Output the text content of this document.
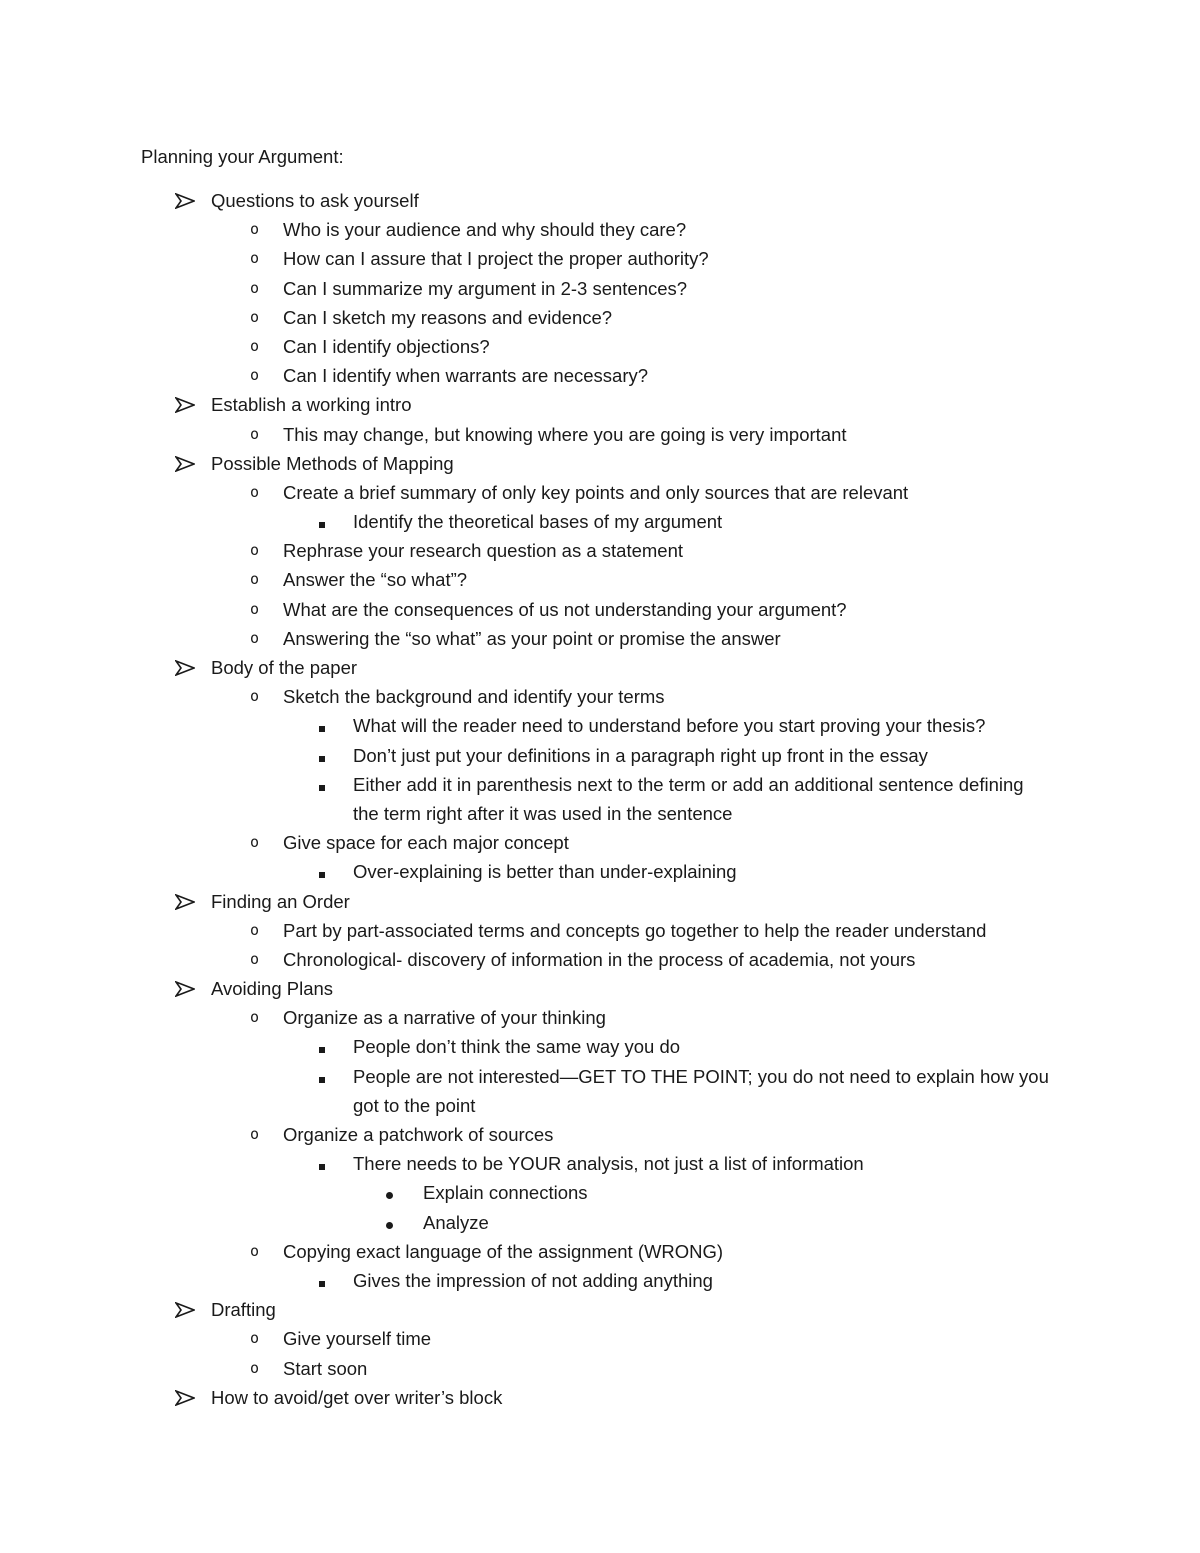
Planning your Argument:
Questions to ask yourself
o	Who is your audience and why should they care?
o	How can I assure that I project the proper authority?
o	Can I summarize my argument in 2-3 sentences?
o	Can I sketch my reasons and evidence?
o	Can I identify objections?
o	Can I identify when warrants are necessary?
Establish a working intro
o	This may change, but knowing where you are going is very important
Possible Methods of Mapping
o	Create a brief summary of only key points and only sources that are relevant
Identify the theoretical bases of my argument
o	Rephrase your research question as a statement
o	Answer the “so what”?
o	What are the consequences of us not understanding your argument?
o	Answering the “so what” as your point or promise the answer
Body of the paper
o	Sketch the background and identify your terms
What will the reader need to understand before you start proving your thesis?
Don’t just put your definitions in a paragraph right up front in the essay
Either add it in parenthesis next to the term or add an additional sentence defining the term right after it was used in the sentence
o	Give space for each major concept
Over-explaining is better than under-explaining
Finding an Order
o	Part by part-associated terms and concepts go together to help the reader understand
o	Chronological- discovery of information in the process of academia, not yours
Avoiding Plans
o	Organize as a narrative of your thinking
People don’t think the same way you do
People are not interested—GET TO THE POINT; you do not need to explain how you got to the point
o	Organize a patchwork of sources
There needs to be YOUR analysis, not just a list of information
Explain connections
Analyze
o	Copying exact language of the assignment (WRONG)
Gives the impression of not adding anything
Drafting
o	Give yourself time
o	Start soon
How to avoid/get over writer’s block
